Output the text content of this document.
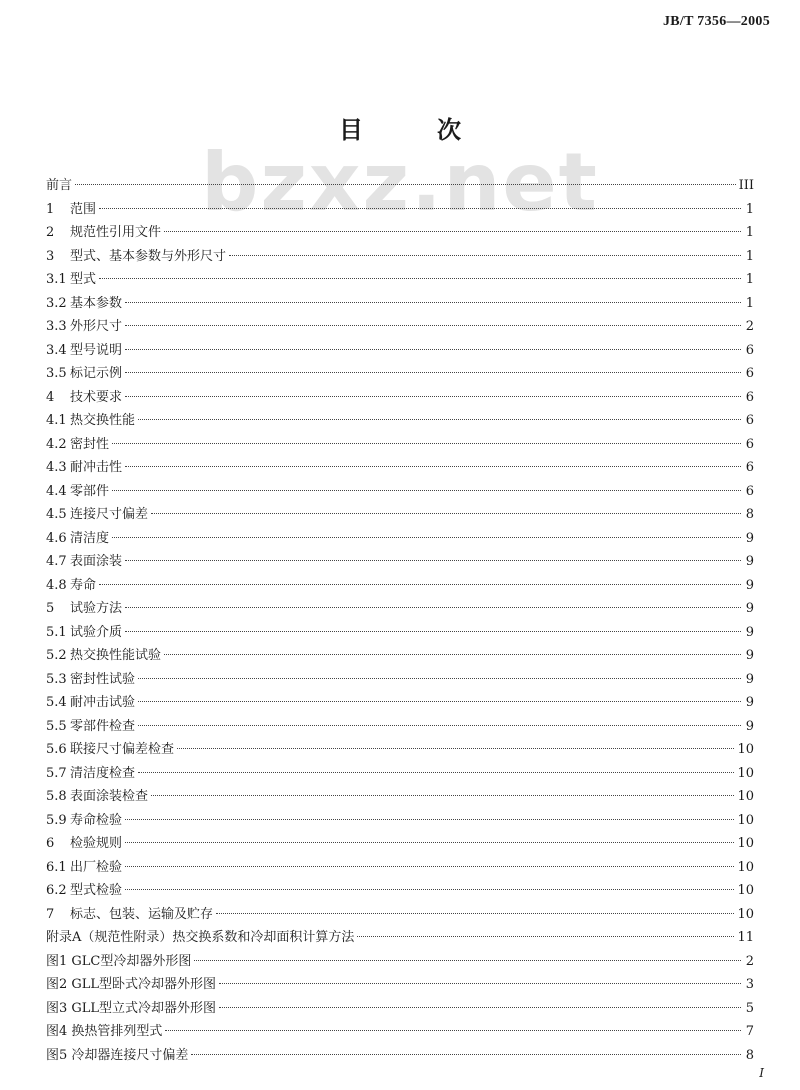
JB/T 7356—2005
bzxz.net
目	次
前言	III
1	范围	1
2	规范性引用文件	1
3	型式、基本参数与外形尺寸	1
3.1 型式	1
3.2 基本参数	1
3.3 外形尺寸	2
3.4 型号说明	6
3.5 标记示例	6
4	技术要求	6
4.1 热交换性能	6
4.2 密封性	6
4.3 耐冲击性	6
4.4 零部件	6
4.5 连接尺寸偏差	8
4.6 清洁度	9
4.7 表面涂装	9
4.8 寿命	9
5	试验方法	9
5.1 试验介质	9
5.2 热交换性能试验	9
5.3 密封性试验	9
5.4 耐冲击试验	9
5.5 零部件检查	9
5.6 联接尺寸偏差检查	10
5.7 清洁度检查	10
5.8 表面涂装检查	10
5.9 寿命检验	10
6	检验规则	10
6.1 出厂检验	10
6.2 型式检验	10
7	标志、包装、运输及贮存	10
附录A（规范性附录）热交换系数和冷却面积计算方法	11
图1 GLC型冷却器外形图	2
图2 GLL型卧式冷却器外形图	3
图3 GLL型立式冷却器外形图	5
图4 换热管排列型式	7
图5 冷却器连接尺寸偏差	8
I
